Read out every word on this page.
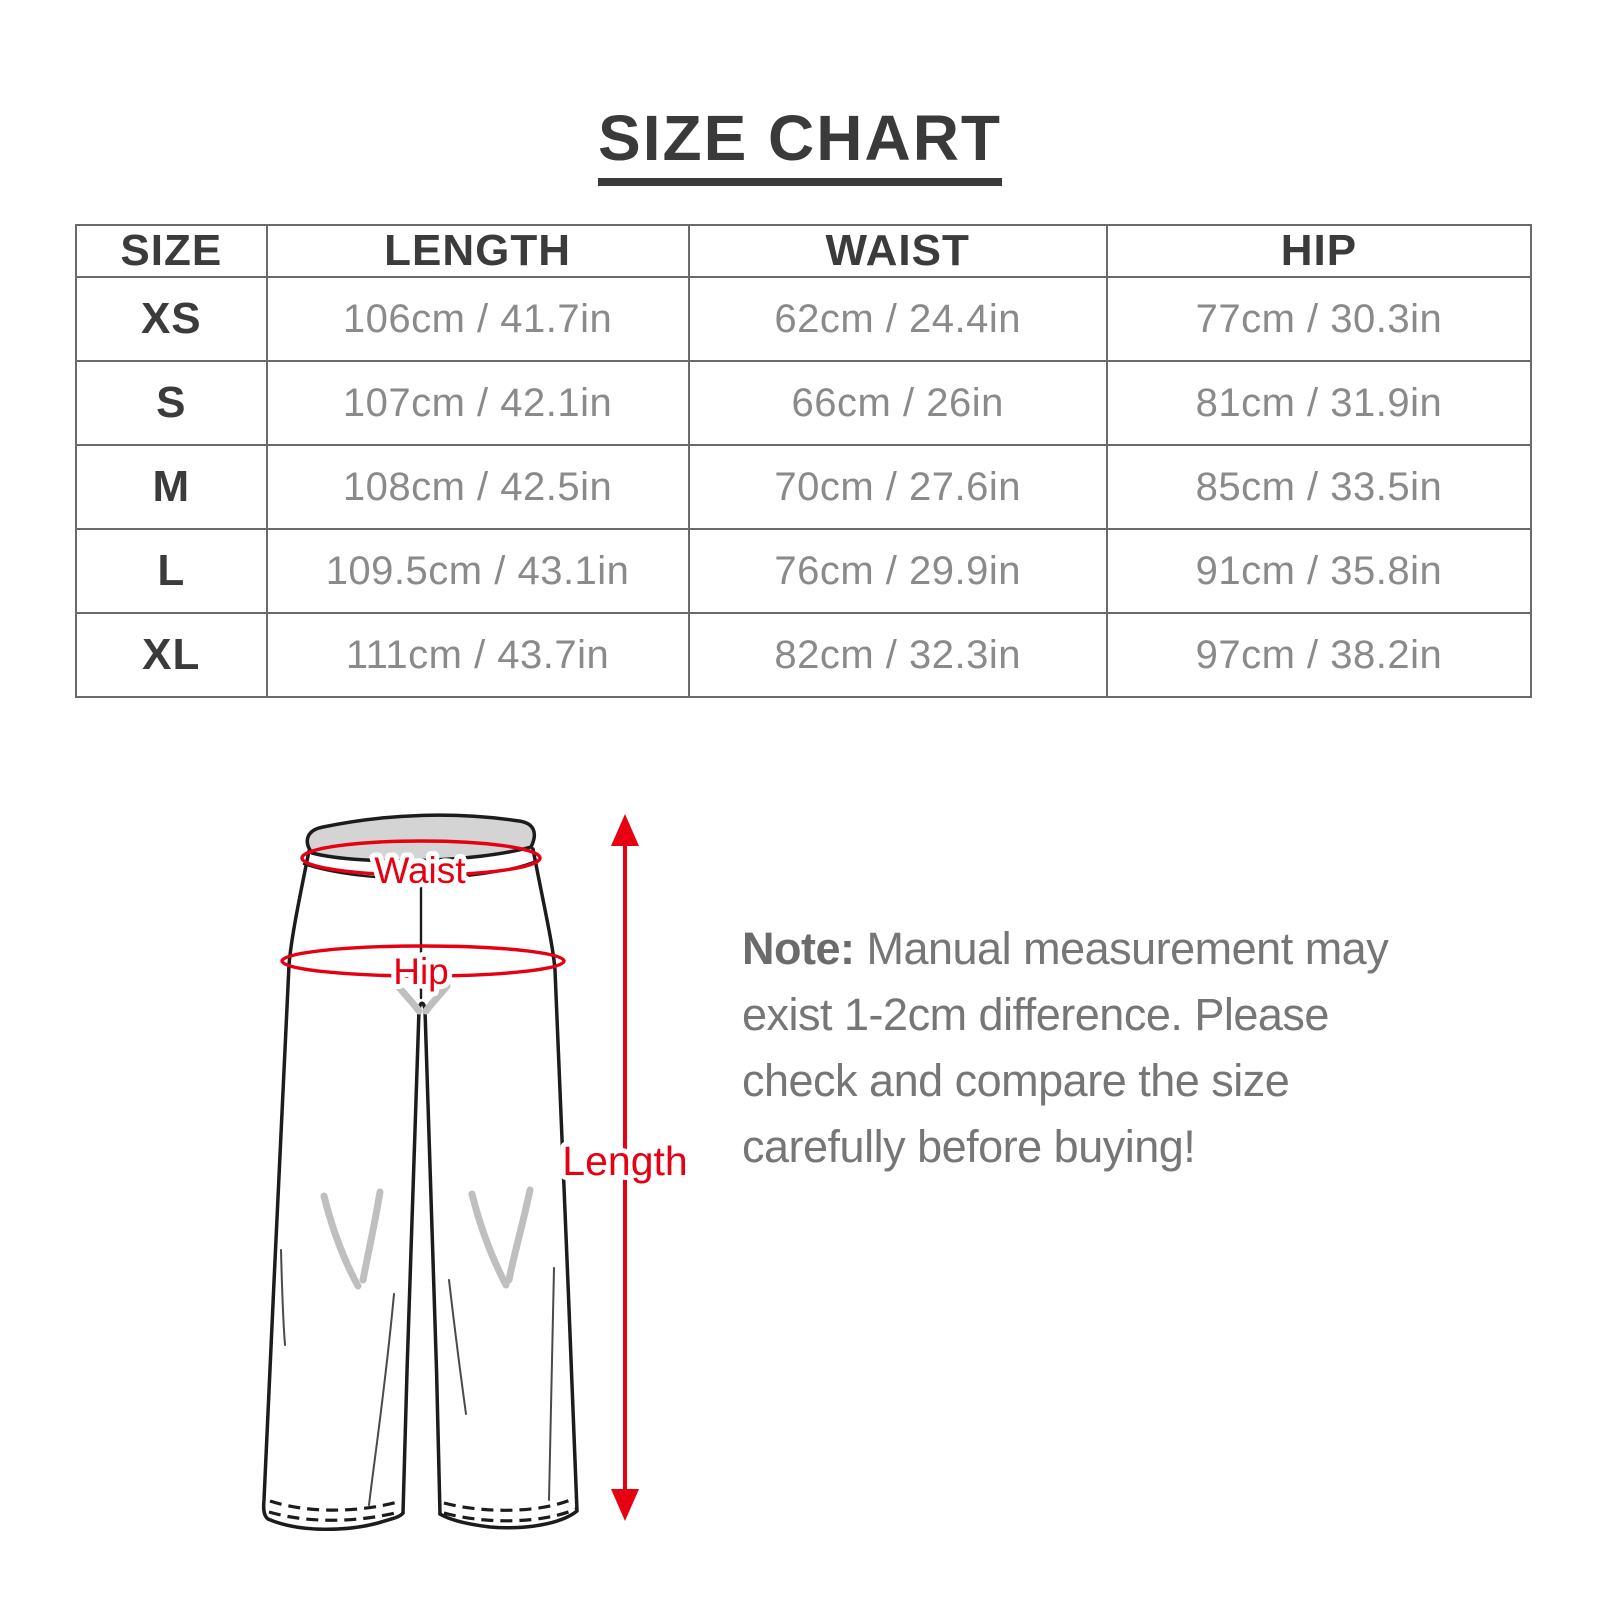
SIZE CHART
SIZE	LENGTH	WAIST	HIP
XS	106cm / 41.7in	62cm / 24.4in	77cm / 30.3in
S	107cm / 42.1in	66cm / 26in	81cm / 31.9in
M	108cm / 42.5in	70cm / 27.6in	85cm / 33.5in
L	109.5cm / 43.1in	76cm / 29.9in	91cm / 35.8in
XL	111cm / 43.7in	82cm / 32.3in	97cm / 38.2in
Waist
Hip
Length
Note: Manual measurement may
exist 1-2cm difference. Please
check and compare the size
carefully before buying!
